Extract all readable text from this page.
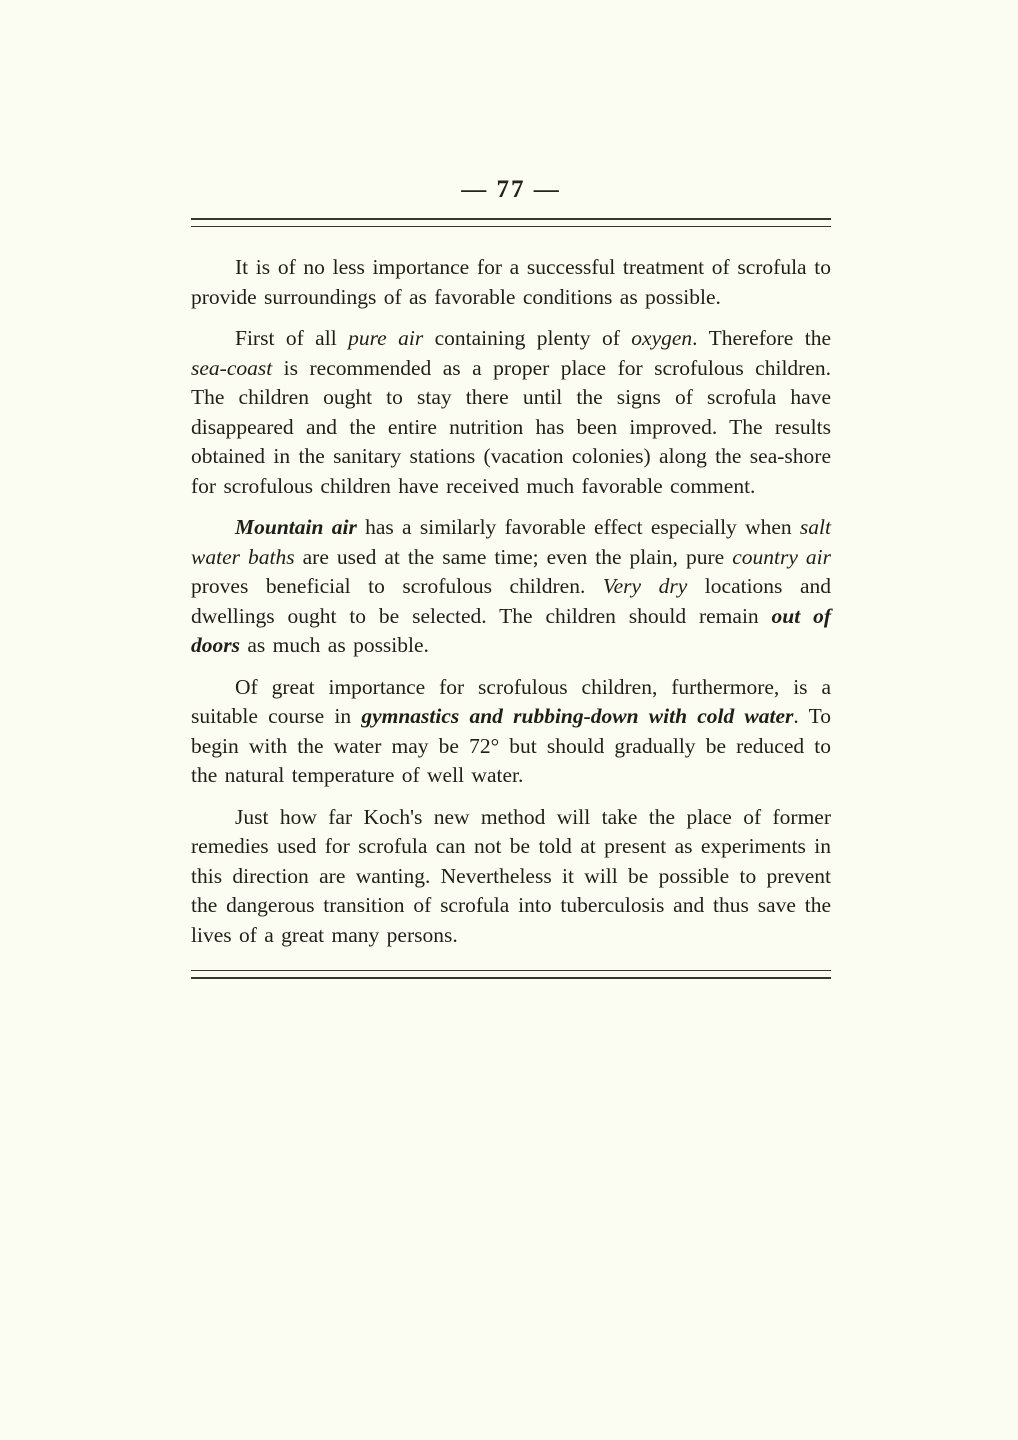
— 77 —

It is of no less importance for a successful treatment of scrofula to provide surroundings of as favorable conditions as possible.

First of all pure air containing plenty of oxygen. Therefore the sea-coast is recommended as a proper place for scrofulous children. The children ought to stay there until the signs of scrofula have disappeared and the entire nutrition has been improved. The results obtained in the sanitary stations (vacation colonies) along the sea-shore for scrofulous children have received much favorable comment.

Mountain air has a similarly favorable effect especially when salt water baths are used at the same time; even the plain, pure country air proves beneficial to scrofulous children. Very dry locations and dwellings ought to be selected. The children should remain out of doors as much as possible.

Of great importance for scrofulous children, furthermore, is a suitable course in gymnastics and rubbing-down with cold water. To begin with the water may be 72° but should gradually be reduced to the natural temperature of well water.

Just how far Koch's new method will take the place of former remedies used for scrofula can not be told at present as experiments in this direction are wanting. Nevertheless it will be possible to prevent the dangerous transition of scrofula into tuberculosis and thus save the lives of a great many persons.
